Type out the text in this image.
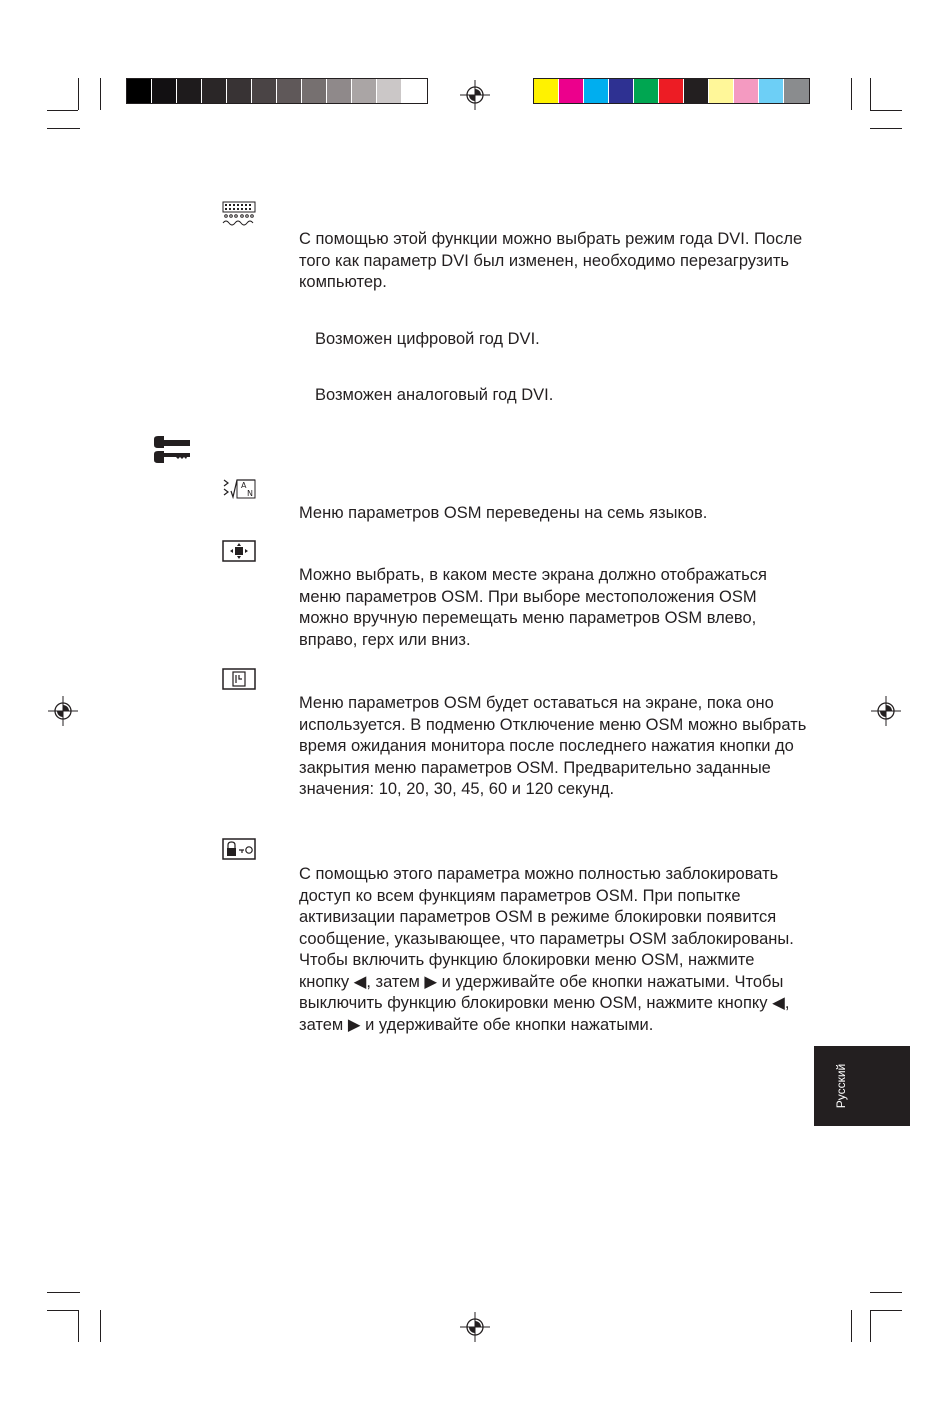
С помощью этой функции можно выбрать режим года DVI. После того как параметр DVI был изменен, необходимо перезагрузить компьютер.

Возможен цифровой год DVI.
Возможен аналоговый год DVI.
A
N

Меню параметров OSM переведены на семь языков.

Можно выбрать, в каком месте экрана должно отображаться меню параметров OSM. При выборе местоположения OSM можно вручную перемещать меню параметров OSM влево, вправо, герх или вниз.

Меню параметров OSM будет оставаться на экране, пока оно используется. В подменю Отключение меню OSM можно выбрать время ожидания монитора после последнего нажатия кнопки до закрытия меню параметров OSM. Предварительно заданные значения: 10, 20, 30, 45, 60 и 120 секунд.

С помощью этого параметра можно полностью заблокировать доступ ко всем функциям параметров OSM. При попытке активизации параметров OSM в режиме блокировки появится сообщение, указывающее, что параметры OSM заблокированы. Чтобы включить функцию блокировки меню OSM, нажмите кнопку ◀, затем ▶ и удерживайте обе кнопки нажатыми. Чтобы выключить функцию блокировки меню OSM, нажмите кнопку ◀, затем ▶ и удерживайте обе кнопки нажатыми.

Русский
